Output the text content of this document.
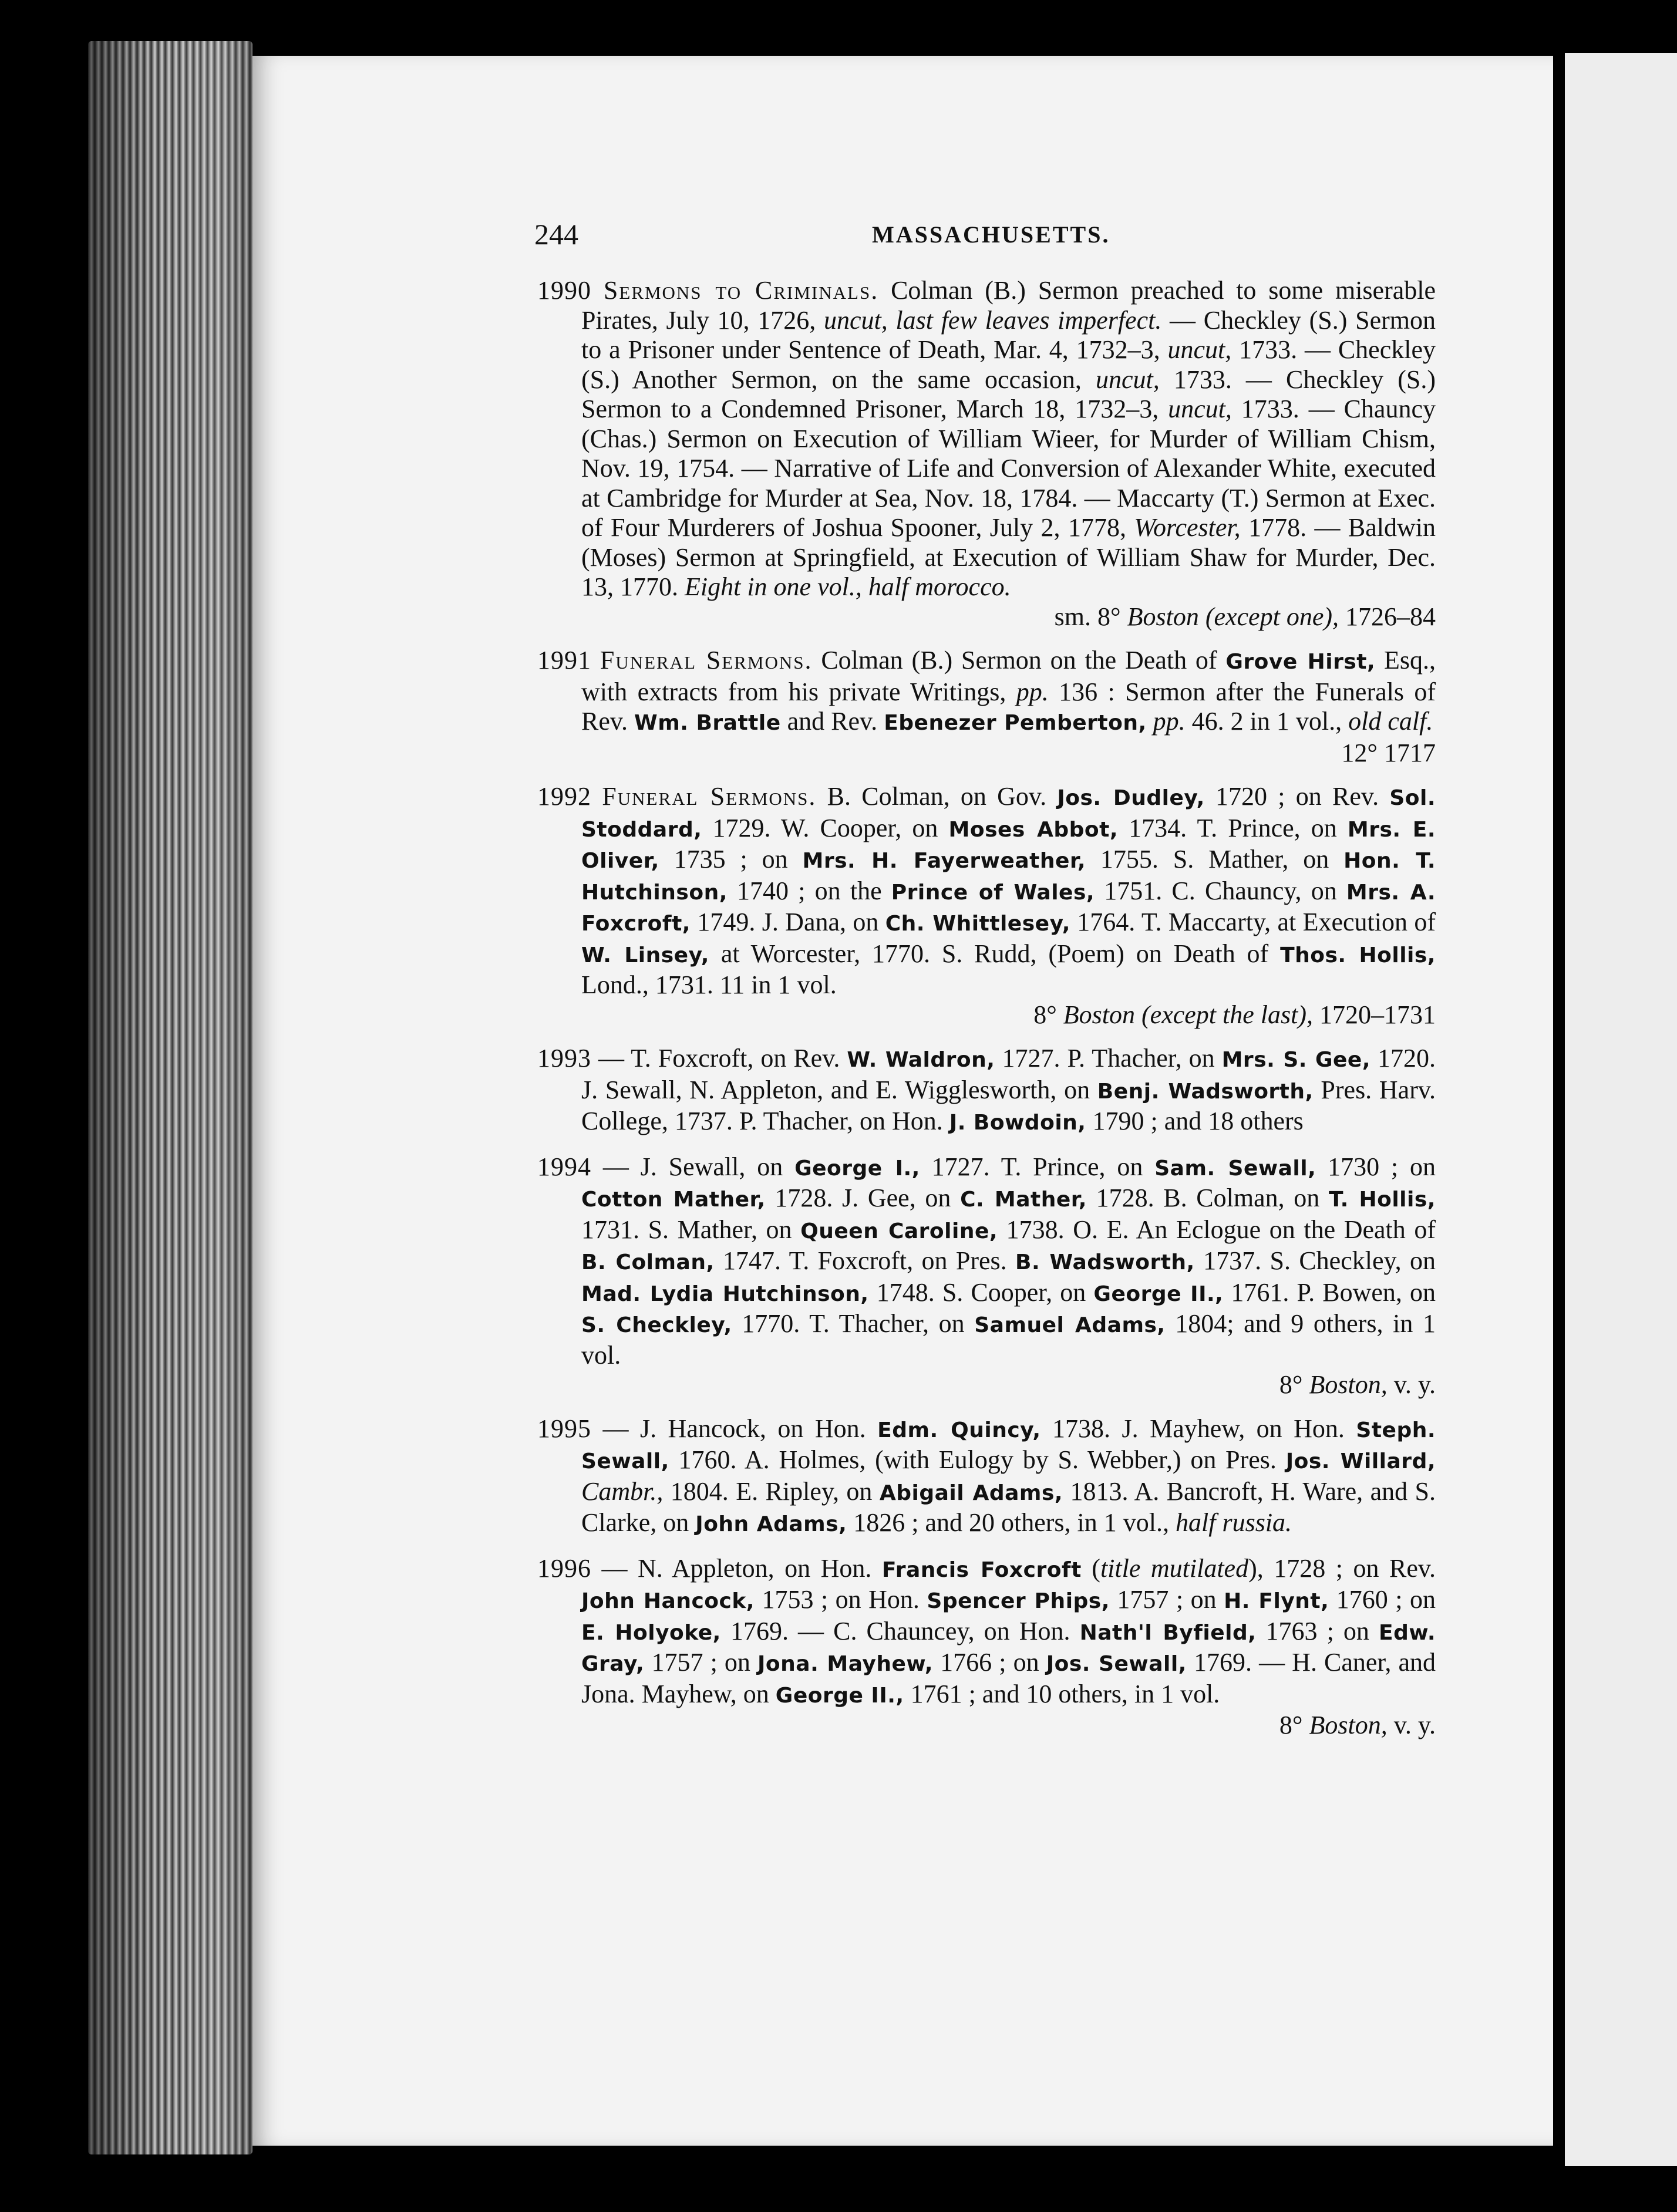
244	MASSACHUSETTS.
1990 Sermons to Criminals. Colman (B.) Sermon preached to some miserable Pirates, July 10, 1726, uncut, last few leaves imperfect. — Checkley (S.) Sermon to a Prisoner under Sentence of Death, Mar. 4, 1732–3, uncut, 1733. — Checkley (S.) Another Sermon, on the same occasion, uncut, 1733. — Checkley (S.) Sermon to a Condemned Prisoner, March 18, 1732–3, uncut, 1733. — Chauncy (Chas.) Sermon on Execution of William Wieer, for Murder of William Chism, Nov. 19, 1754. — Narrative of Life and Conversion of Alexander White, executed at Cambridge for Murder at Sea, Nov. 18, 1784. — Maccarty (T.) Sermon at Exec. of Four Murderers of Joshua Spooner, July 2, 1778, Worcester, 1778. — Baldwin (Moses) Sermon at Springfield, at Execution of William Shaw for Murder, Dec. 13, 1770. Eight in one vol., half morocco.
sm. 8° Boston (except one), 1726–84
1991 Funeral Sermons. Colman (B.) Sermon on the Death of Grove Hirst, Esq., with extracts from his private Writings, pp. 136 : Sermon after the Funerals of Rev. Wm. Brattle and Rev. Ebenezer Pemberton, pp. 46. 2 in 1 vol., old calf.
12° 1717
1992 Funeral Sermons. B. Colman, on Gov. Jos. Dudley, 1720 ; on Rev. Sol. Stoddard, 1729. W. Cooper, on Moses Abbot, 1734. T. Prince, on Mrs. E. Oliver, 1735 ; on Mrs. H. Fayerweather, 1755. S. Mather, on Hon. T. Hutchinson, 1740 ; on the Prince of Wales, 1751. C. Chauncy, on Mrs. A. Foxcroft, 1749. J. Dana, on Ch. Whittlesey, 1764. T. Maccarty, at Execution of W. Linsey, at Worcester, 1770. S. Rudd, (Poem) on Death of Thos. Hollis, Lond., 1731. 11 in 1 vol.
8° Boston (except the last), 1720–1731
1993 — T. Foxcroft, on Rev. W. Waldron, 1727. P. Thacher, on Mrs. S. Gee, 1720. J. Sewall, N. Appleton, and E. Wigglesworth, on Benj. Wadsworth, Pres. Harv. College, 1737. P. Thacher, on Hon. J. Bowdoin, 1790 ; and 18 others
1994 — J. Sewall, on George I., 1727. T. Prince, on Sam. Sewall, 1730 ; on Cotton Mather, 1728. J. Gee, on C. Mather, 1728. B. Colman, on T. Hollis, 1731. S. Mather, on Queen Caroline, 1738. O. E. An Eclogue on the Death of B. Colman, 1747. T. Foxcroft, on Pres. B. Wadsworth, 1737. S. Checkley, on Mad. Lydia Hutchinson, 1748. S. Cooper, on George II., 1761. P. Bowen, on S. Checkley, 1770. T. Thacher, on Samuel Adams, 1804; and 9 others, in 1 vol.
8° Boston, v. y.
1995 — J. Hancock, on Hon. Edm. Quincy, 1738. J. Mayhew, on Hon. Steph. Sewall, 1760. A. Holmes, (with Eulogy by S. Webber,) on Pres. Jos. Willard, Cambr., 1804. E. Ripley, on Abigail Adams, 1813. A. Bancroft, H. Ware, and S. Clarke, on John Adams, 1826 ; and 20 others, in 1 vol., half russia.
1996 — N. Appleton, on Hon. Francis Foxcroft (title mutilated), 1728 ; on Rev. John Hancock, 1753 ; on Hon. Spencer Phips, 1757 ; on H. Flynt, 1760 ; on E. Holyoke, 1769. — C. Chauncey, on Hon. Nath'l Byfield, 1763 ; on Edw. Gray, 1757 ; on Jona. Mayhew, 1766 ; on Jos. Sewall, 1769. — H. Caner, and Jona. Mayhew, on George II., 1761 ; and 10 others, in 1 vol.
8° Boston, v. y.
